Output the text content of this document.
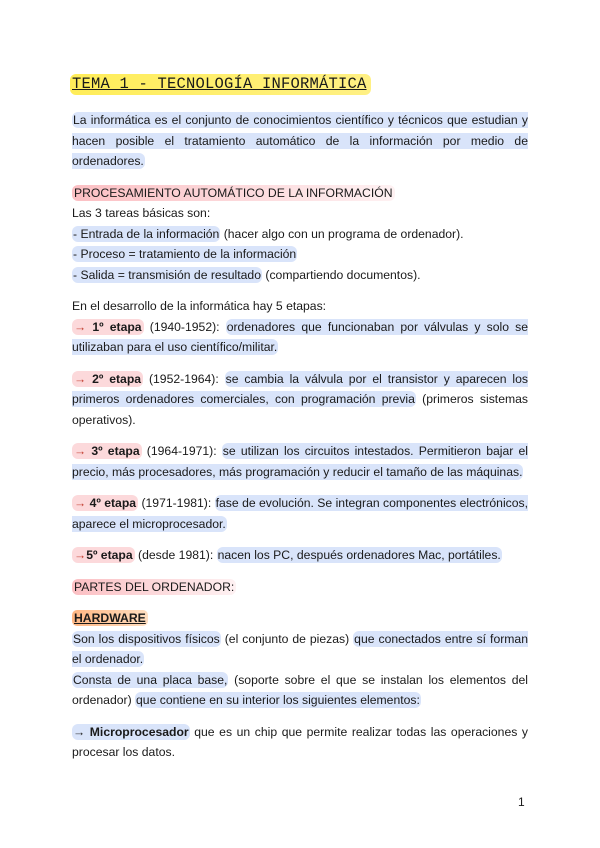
TEMA 1 - TECNOLOGÍA INFORMÁTICA

La informática es el conjunto de conocimientos científico y técnicos que estudian y hacen posible el tratamiento automático de la información por medio de ordenadores.

PROCESAMIENTO AUTOMÁTICO DE LA INFORMACIÓN

Las 3 tareas básicas son:

- Entrada de la información (hacer algo con un programa de ordenador).

- Proceso = tratamiento de la información

- Salida = transmisión de resultado (compartiendo documentos).

En el desarrollo de la informática hay 5 etapas:

→ 1º etapa (1940-1952): ordenadores que funcionaban por válvulas y solo se utilizaban para el uso científico/militar.

→ 2º etapa (1952-1964): se cambia la válvula por el transistor y aparecen los primeros ordenadores comerciales, con programación previa (primeros sistemas operativos).

→ 3º etapa (1964-1971): se utilizan los circuitos intestados. Permitieron bajar el precio, más procesadores, más programación y reducir el tamaño de las máquinas.

→ 4º etapa (1971-1981): fase de evolución. Se integran componentes electrónicos, aparece el microprocesador.

→5º etapa (desde 1981): nacen los PC, después ordenadores Mac, portátiles.

PARTES DEL ORDENADOR:

HARDWARE

Son los dispositivos físicos (el conjunto de piezas) que conectados entre sí forman el ordenador.

Consta de una placa base, (soporte sobre el que se instalan los elementos del ordenador) que contiene en su interior los siguientes elementos:

→ Microprocesador que es un chip que permite realizar todas las operaciones y procesar los datos.

1
